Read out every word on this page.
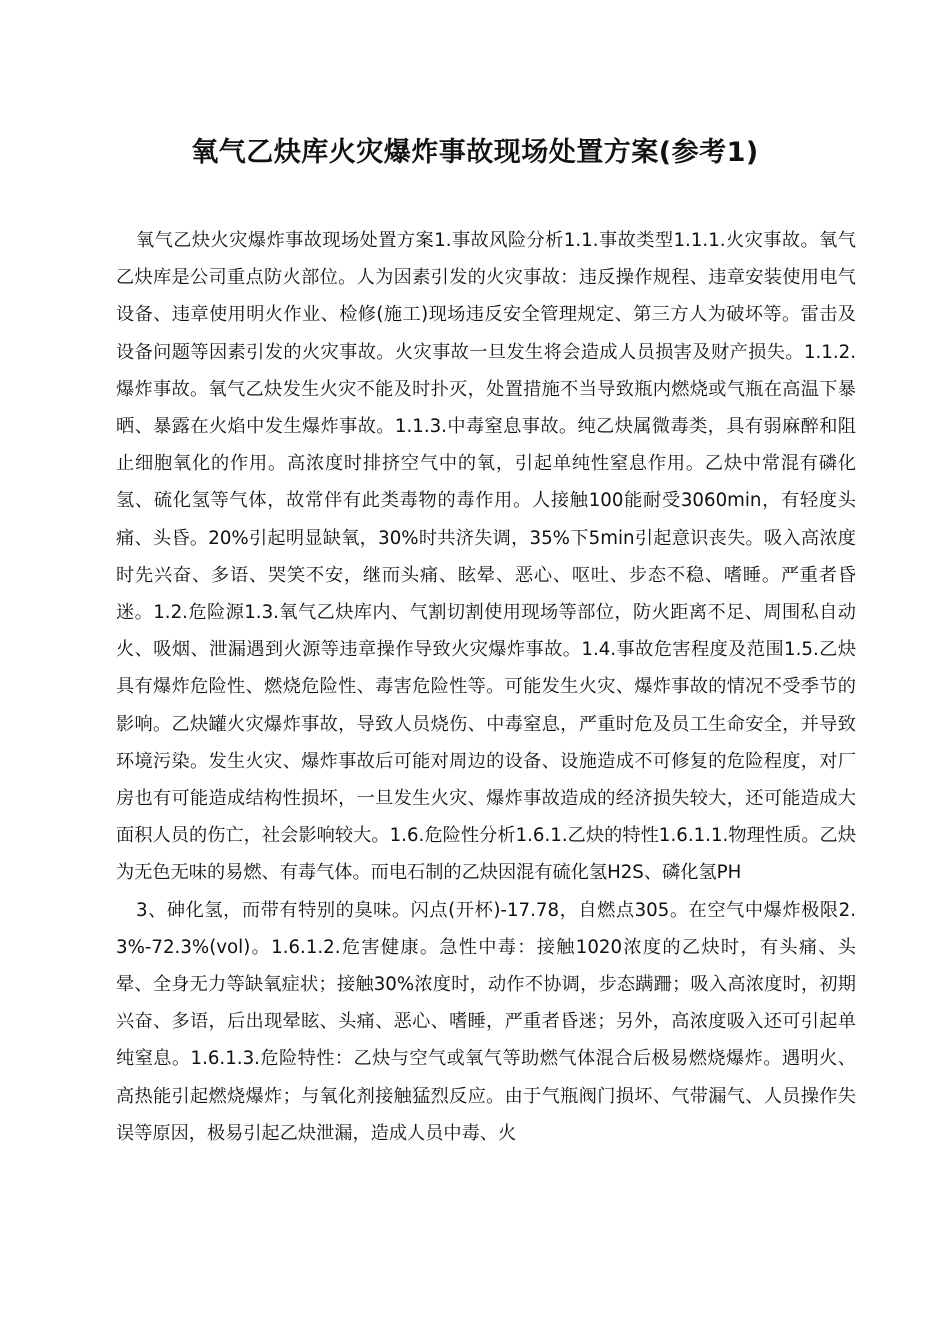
氧气乙炔库火灾爆炸事故现场处置方案(参考1)

氧气乙炔火灾爆炸事故现场处置方案1.事故风险分析1.1.事故类型1.1.1.火灾事故。氧气乙炔库是公司重点防火部位。人为因素引发的火灾事故：违反操作规程、违章安装使用电气设备、违章使用明火作业、检修(施工)现场违反安全管理规定、第三方人为破坏等。雷击及设备问题等因素引发的火灾事故。火灾事故一旦发生将会造成人员损害及财产损失。1.1.2.爆炸事故。氧气乙炔发生火灾不能及时扑灭，处置措施不当导致瓶内燃烧或气瓶在高温下暴晒、暴露在火焰中发生爆炸事故。1.1.3.中毒窒息事故。纯乙炔属微毒类，具有弱麻醉和阻止细胞氧化的作用。高浓度时排挤空气中的氧，引起单纯性窒息作用。乙炔中常混有磷化氢、硫化氢等气体，故常伴有此类毒物的毒作用。人接触100能耐受3060min，有轻度头痛、头昏。20%引起明显缺氧，30%时共济失调，35%下5min引起意识丧失。吸入高浓度时先兴奋、多语、哭笑不安，继而头痛、眩晕、恶心、呕吐、步态不稳、嗜睡。严重者昏迷。1.2.危险源1.3.氧气乙炔库内、气割切割使用现场等部位，防火距离不足、周围私自动火、吸烟、泄漏遇到火源等违章操作导致火灾爆炸事故。1.4.事故危害程度及范围1.5.乙炔具有爆炸危险性、燃烧危险性、毒害危险性等。可能发生火灾、爆炸事故的情况不受季节的影响。乙炔罐火灾爆炸事故，导致人员烧伤、中毒窒息，严重时危及员工生命安全，并导致环境污染。发生火灾、爆炸事故后可能对周边的设备、设施造成不可修复的危险程度，对厂房也有可能造成结构性损坏，一旦发生火灾、爆炸事故造成的经济损失较大，还可能造成大面积人员的伤亡，社会影响较大。1.6.危险性分析1.6.1.乙炔的特性1.6.1.1.物理性质。乙炔为无色无味的易燃、有毒气体。而电石制的乙炔因混有硫化氢H2S、磷化氢PH

3、砷化氢，而带有特别的臭味。闪点(开杯)-17.78，自燃点305。在空气中爆炸极限2.3%-72.3%(vol)。1.6.1.2.危害健康。急性中毒：接触1020浓度的乙炔时，有头痛、头晕、全身无力等缺氧症状；接触30%浓度时，动作不协调，步态蹒跚；吸入高浓度时，初期兴奋、多语，后出现晕眩、头痛、恶心、嗜睡，严重者昏迷；另外，高浓度吸入还可引起单纯窒息。1.6.1.3.危险特性：乙炔与空气或氧气等助燃气体混合后极易燃烧爆炸。遇明火、高热能引起燃烧爆炸；与氧化剂接触猛烈反应。由于气瓶阀门损坏、气带漏气、人员操作失误等原因，极易引起乙炔泄漏，造成人员中毒、火
